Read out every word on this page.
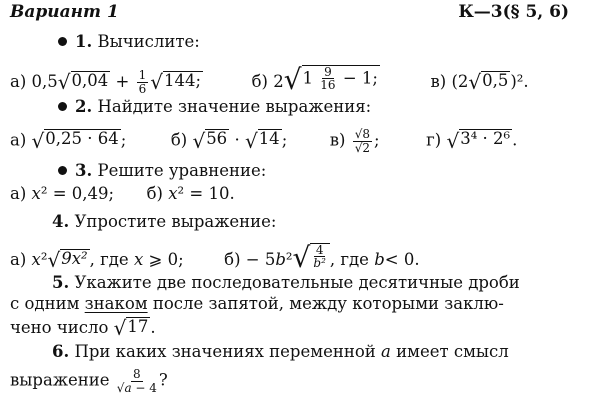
Вариант 1	К—3(§ 5, 6)
1. Вычислите:
а) 0,5 √ $0,04 + \frac{1}{6}$ √ 144;	б) 2 √ $1 \frac{9}{16} - 1$;	в) (2 √ 0,5 )².
2. Найдите значение выражения:
а) √ 0,25 · 64 ;	б) √ 56 · √ 14 ;	$в) \frac{√8}{√2}$ ;	г) √ 3⁴ · 2⁶ .
3. Решите уравнение:
а) x² = 0,49; б) x² = 10.
4. Упростите выражение:
а) x² √ 9x² , где x ⩾ 0; б) − 5b² √ $\frac{4}{\text{b²}}$ , где b< 0.
5. Укажите две последовательные десятичные дроби
с одним знаком после запятой, между которыми заклю-
чено число √ 17 .
6. При каких значениях переменной a имеет смысл
выражение $\frac{8}{√a - 4}$ ?
